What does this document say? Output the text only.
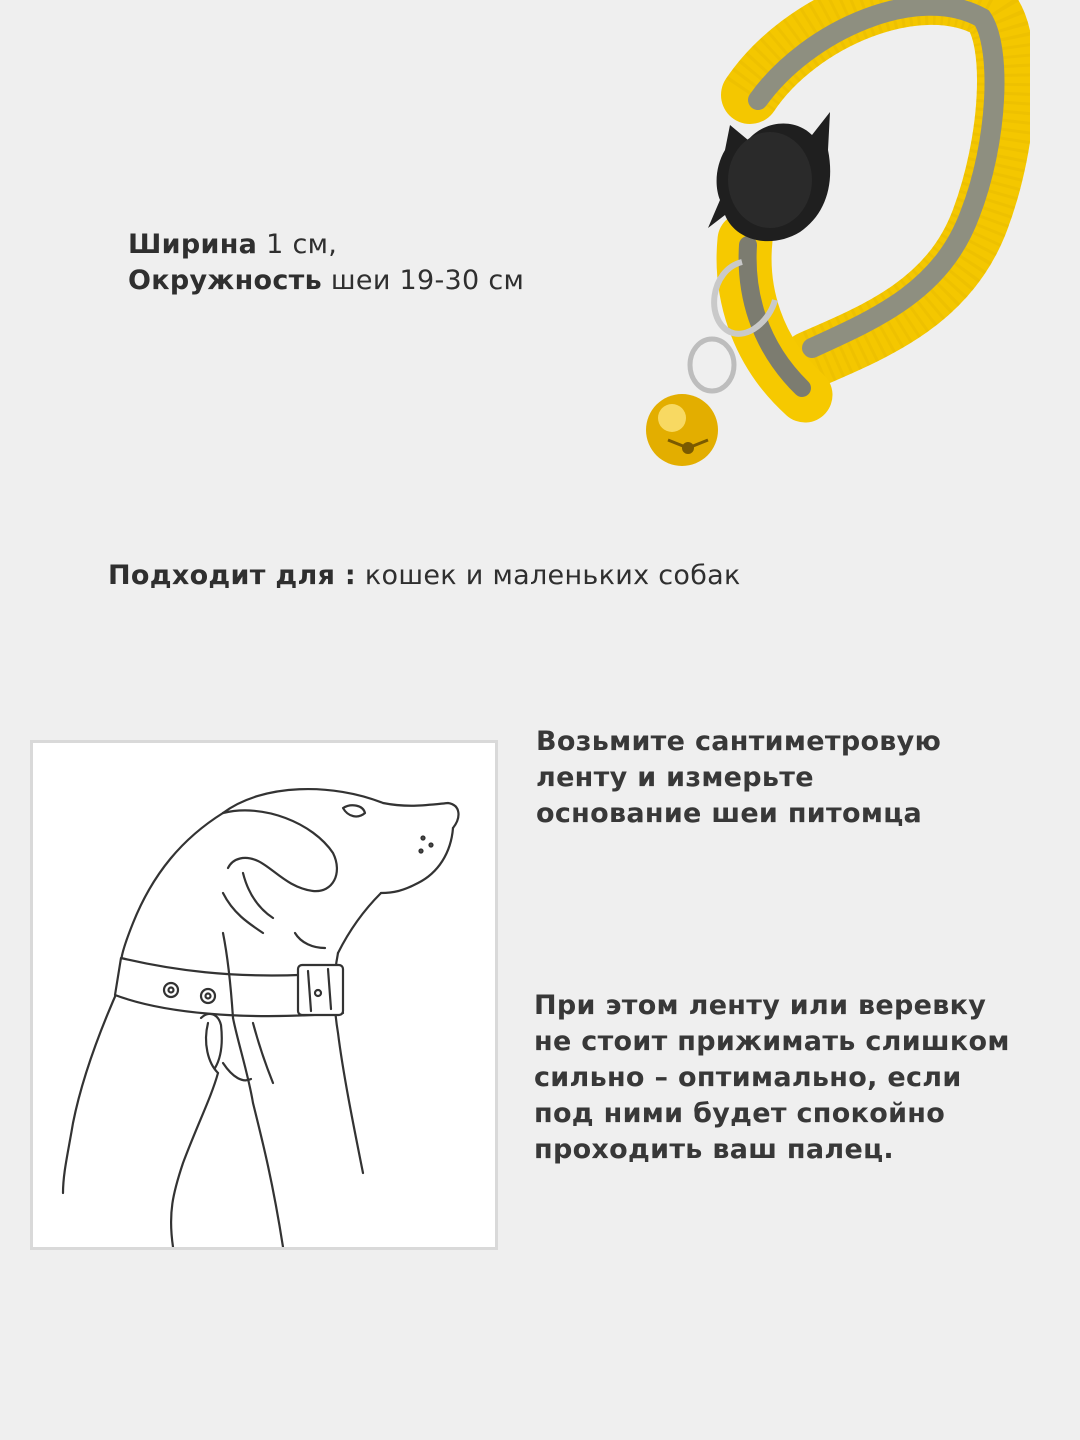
Ширина 1 см,
Окружность шеи 19-30 см

Подходит для : кошек и маленьких собак

Возьмите сантиметровую
ленту и измерьте
основание шеи питомца

При этом ленту или веревку
не стоит прижимать слишком
сильно – оптимально, если
под ними будет спокойно
проходить ваш палец.
